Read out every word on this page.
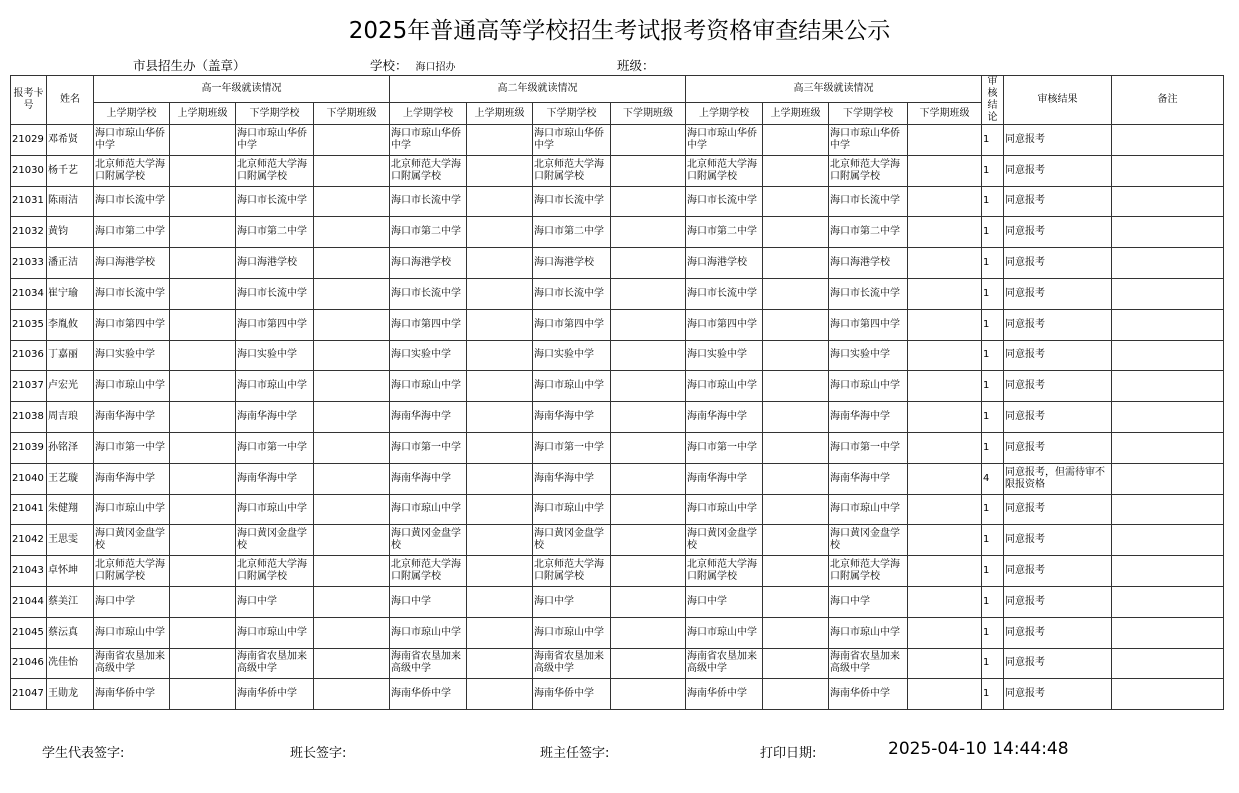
2025年普通高等学校招生考试报考资格审查结果公示
市县招生办（盖章）	学校： 海口招办	班级：
报考卡号	姓名	高一年级就读情况				高二年级就读情况				高三年级就读情况				审核结论	审核结果	备注
		上学期学校	上学期班级	下学期学校	下学期班级	上学期学校	上学期班级	下学期学校	下学期班级	上学期学校	上学期班级	下学期学校	下学期班级			
21029	邓希贤	海口市琼山华侨中学		海口市琼山华侨中学		海口市琼山华侨中学		海口市琼山华侨中学		海口市琼山华侨中学		海口市琼山华侨中学		1	同意报考	
21030	杨千艺	北京师范大学海口附属学校		北京师范大学海口附属学校		北京师范大学海口附属学校		北京师范大学海口附属学校		北京师范大学海口附属学校		北京师范大学海口附属学校		1	同意报考	
21031	陈雨洁	海口市长流中学		海口市长流中学		海口市长流中学		海口市长流中学		海口市长流中学		海口市长流中学		1	同意报考	
21032	黄钧	海口市第二中学		海口市第二中学		海口市第二中学		海口市第二中学		海口市第二中学		海口市第二中学		1	同意报考	
21033	潘正洁	海口海港学校		海口海港学校		海口海港学校		海口海港学校		海口海港学校		海口海港学校		1	同意报考	
21034	崔宁瑜	海口市长流中学		海口市长流中学		海口市长流中学		海口市长流中学		海口市长流中学		海口市长流中学		1	同意报考	
21035	李胤攸	海口市第四中学		海口市第四中学		海口市第四中学		海口市第四中学		海口市第四中学		海口市第四中学		1	同意报考	
21036	丁嘉丽	海口实验中学		海口实验中学		海口实验中学		海口实验中学		海口实验中学		海口实验中学		1	同意报考	
21037	卢宏光	海口市琼山中学		海口市琼山中学		海口市琼山中学		海口市琼山中学		海口市琼山中学		海口市琼山中学		1	同意报考	
21038	周吉琅	海南华海中学		海南华海中学		海南华海中学		海南华海中学		海南华海中学		海南华海中学		1	同意报考	
21039	孙铭泽	海口市第一中学		海口市第一中学		海口市第一中学		海口市第一中学		海口市第一中学		海口市第一中学		1	同意报考	
21040	王艺璇	海南华海中学		海南华海中学		海南华海中学		海南华海中学		海南华海中学		海南华海中学		4	同意报考，但需待审不限报资格	
21041	朱健翔	海口市琼山中学		海口市琼山中学		海口市琼山中学		海口市琼山中学		海口市琼山中学		海口市琼山中学		1	同意报考	
21042	王思雯	海口黄冈金盘学校		海口黄冈金盘学校		海口黄冈金盘学校		海口黄冈金盘学校		海口黄冈金盘学校		海口黄冈金盘学校		1	同意报考	
21043	卓怀坤	北京师范大学海口附属学校		北京师范大学海口附属学校		北京师范大学海口附属学校		北京师范大学海口附属学校		北京师范大学海口附属学校		北京师范大学海口附属学校		1	同意报考	
21044	蔡美江	海口中学		海口中学		海口中学		海口中学		海口中学		海口中学		1	同意报考	
21045	蔡沄真	海口市琼山中学		海口市琼山中学		海口市琼山中学		海口市琼山中学		海口市琼山中学		海口市琼山中学		1	同意报考	
21046	冼佳怡	海南省农垦加来高级中学		海南省农垦加来高级中学		海南省农垦加来高级中学		海南省农垦加来高级中学		海南省农垦加来高级中学		海南省农垦加来高级中学		1	同意报考	
21047	王勋龙	海南华侨中学		海南华侨中学		海南华侨中学		海南华侨中学		海南华侨中学		海南华侨中学		1	同意报考	
学生代表签字:	班长签字:	班主任签字:	打印日期:	2025-04-10 14:44:48
